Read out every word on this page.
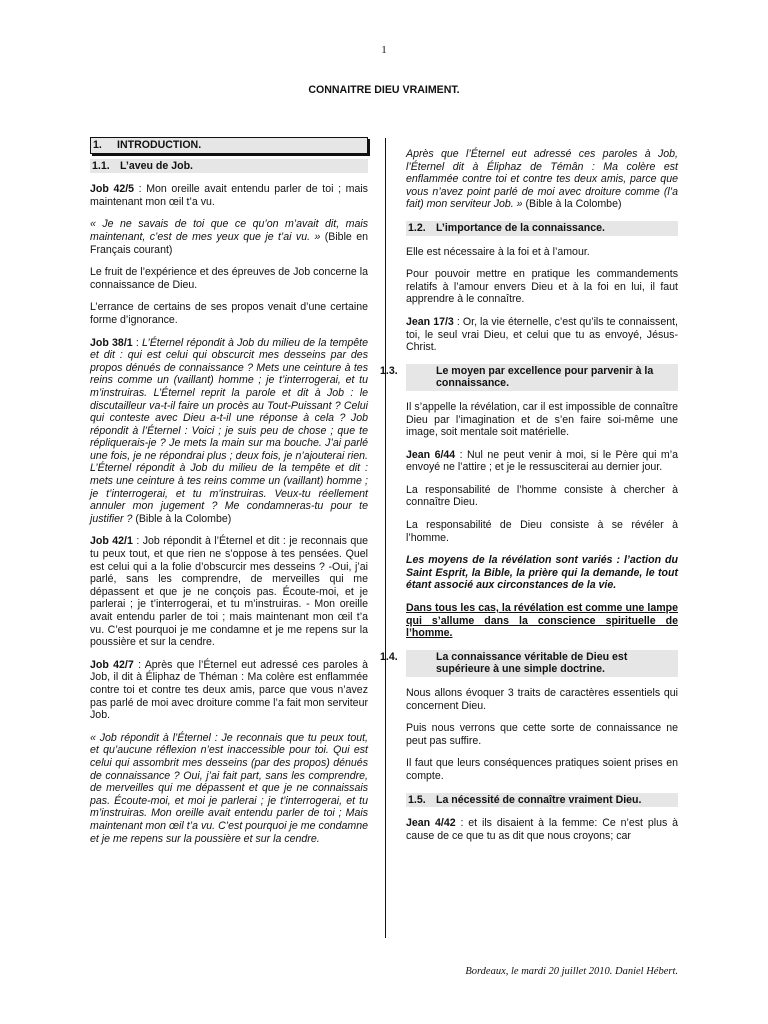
1
CONNAITRE DIEU VRAIMENT.
1. INTRODUCTION.
1.1. L’aveu de Job.

Job 42/5 : Mon oreille avait entendu parler de toi ; mais maintenant mon œil t’a vu.

« Je ne savais de toi que ce qu’on m’avait dit, mais maintenant, c’est de mes yeux que je t’ai vu. » (Bible en Français courant)

Le fruit de l’expérience et des épreuves de Job concerne la connaissance de Dieu.

L’errance de certains de ses propos venait d’une certaine forme d’ignorance.

Job 38/1 : L’Éternel répondit à Job du milieu de la tempête et dit : qui est celui qui obscurcit mes desseins par des propos dénués de connaissance ? Mets une ceinture à tes reins comme un (vaillant) homme ; je t’interrogerai, et tu m’instruiras. L’Éternel reprit la parole et dit à Job : le discutailleur va-t-il faire un procès au Tout-Puissant ? Celui qui conteste avec Dieu a-t-il une réponse à cela ? Job répondit à l’Éternel : Voici ; je suis peu de chose ; que te répliquerais-je ? Je mets la main sur ma bouche. J’ai parlé une fois, je ne répondrai plus ; deux fois, je n’ajouterai rien. L’Éternel répondit à Job du milieu de la tempête et dit : mets une ceinture à tes reins comme un (vaillant) homme ; je t’interrogerai, et tu m’instruiras. Veux-tu réellement annuler mon jugement ? Me condamneras-tu pour te justifier ? (Bible à la Colombe)

Job 42/1 : Job répondit à l’Éternel et dit : je reconnais que tu peux tout, et que rien ne s’oppose à tes pensées. Quel est celui qui a la folie d’obscurcir mes desseins ? -Oui, j’ai parlé, sans les comprendre, de merveilles qui me dépassent et que je ne conçois pas. Écoute-moi, et je parlerai ; je t’interrogerai, et tu m’instruiras. - Mon oreille avait entendu parler de toi ; mais maintenant mon œil t’a vu. C’est pourquoi je me condamne et je me repens sur la poussière et sur la cendre.

Job 42/7 : Après que l’Éternel eut adressé ces paroles à Job, il dit à Éliphaz de Théman : Ma colère est enflammée contre toi et contre tes deux amis, parce que vous n’avez pas parlé de moi avec droiture comme l’a fait mon serviteur Job.

« Job répondit à l’Éternel : Je reconnais que tu peux tout, et qu’aucune réflexion n’est inaccessible pour toi. Qui est celui qui assombrit mes desseins (par des propos) dénués de connaissance ? Oui, j’ai fait part, sans les comprendre, de merveilles qui me dépassent et que je ne connaissais pas. Écoute-moi, et moi je parlerai ; je t’interrogerai, et tu m’instruiras. Mon oreille avait entendu parler de toi ; Mais maintenant mon œil t’a vu. C’est pourquoi je me condamne et je me repens sur la poussière et sur la cendre.

Après que l’Éternel eut adressé ces paroles à Job, l’Éternel dit à Éliphaz de Témân : Ma colère est enflammée contre toi et contre tes deux amis, parce que vous n’avez point parlé de moi avec droiture comme (l’a fait) mon serviteur Job. » (Bible à la Colombe)

1.2. L’importance de la connaissance.

Elle est nécessaire à la foi et à l’amour.

Pour pouvoir mettre en pratique les commandements relatifs à l’amour envers Dieu et à la foi en lui, il faut apprendre à le connaître.

Jean 17/3 : Or, la vie éternelle, c’est qu’ils te connaissent, toi, le seul vrai Dieu, et celui que tu as envoyé, Jésus-Christ.

1.3.	Le moyen par excellence pour parvenir à la connaissance.

Il s’appelle la révélation, car il est impossible de connaître Dieu par l’imagination et de s’en faire soi-même une image, soit mentale soit matérielle.

Jean 6/44 : Nul ne peut venir à moi, si le Père qui m’a envoyé ne l’attire ; et je le ressusciterai au dernier jour.

La responsabilité de l’homme consiste à chercher à connaître Dieu.

La responsabilité de Dieu consiste à se révéler à l’homme.

Les moyens de la révélation sont variés : l’action du Saint Esprit, la Bible, la prière qui la demande, le tout étant associé aux circonstances de la vie.

Dans tous les cas, la révélation est comme une lampe qui s’allume dans la conscience spirituelle de l’homme.

1.4.	La connaissance véritable de Dieu est supérieure à une simple doctrine.

Nous allons évoquer 3 traits de caractères essentiels qui concernent Dieu.

Puis nous verrons que cette sorte de connaissance ne peut pas suffire.

Il faut que leurs conséquences pratiques soient prises en compte.

1.5. La nécessité de connaître vraiment Dieu.

Jean 4/42 : et ils disaient à la femme: Ce n’est plus à cause de ce que tu as dit que nous croyons; car

Bordeaux, le mardi 20 juillet 2010. Daniel Hébert.
